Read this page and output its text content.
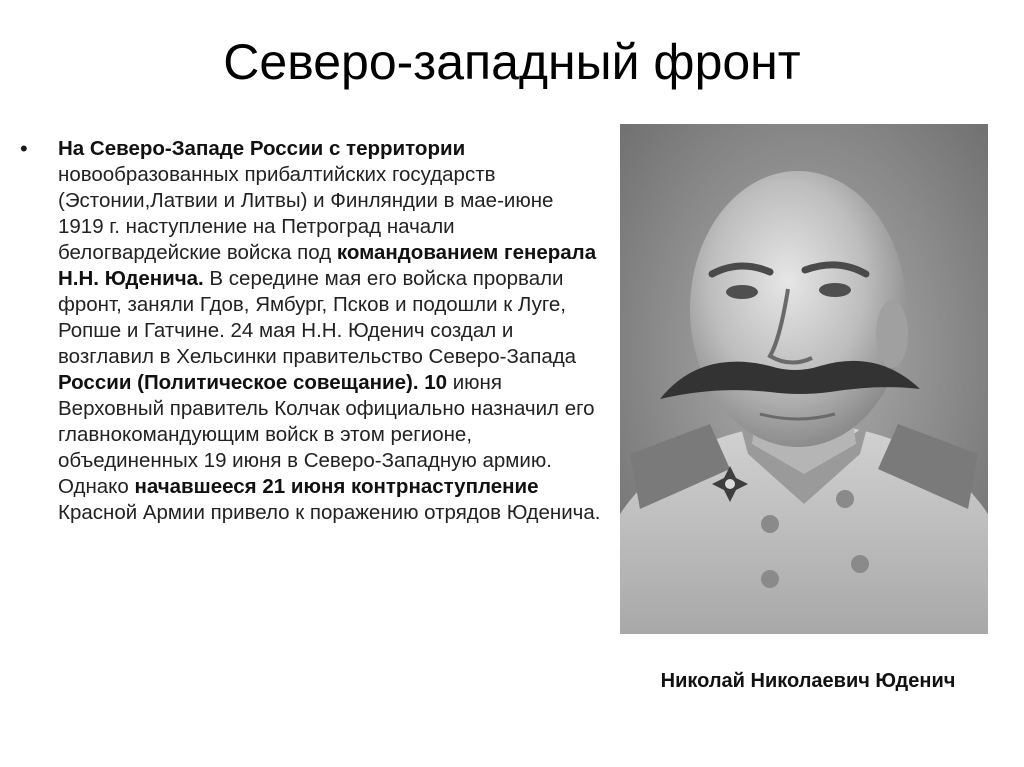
Северо-западный фронт
• На Северо-Западе России с территории новообразованных прибалтийских государств (Эстонии,Латвии и Литвы) и Финляндии в мае-июне 1919 г. наступление на Петроград начали белогвардейские войска под командованием генерала Н.Н. Юденича. В середине мая его войска прорвали фронт, заняли Гдов, Ямбург, Псков и подошли к Луге, Ропше и Гатчине. 24 мая Н.Н. Юденич создал и возглавил в Хельсинки правительство Северо-Запада России (Политическое совещание). 10 июня Верховный правитель Колчак официально назначил его главнокомандующим войск в этом регионе, объединенных 19 июня в Северо-Западную армию. Однако начавшееся 21 июня контрнаступление Красной Армии привело к поражению отрядов Юденича.

Николай Николаевич Юденич
